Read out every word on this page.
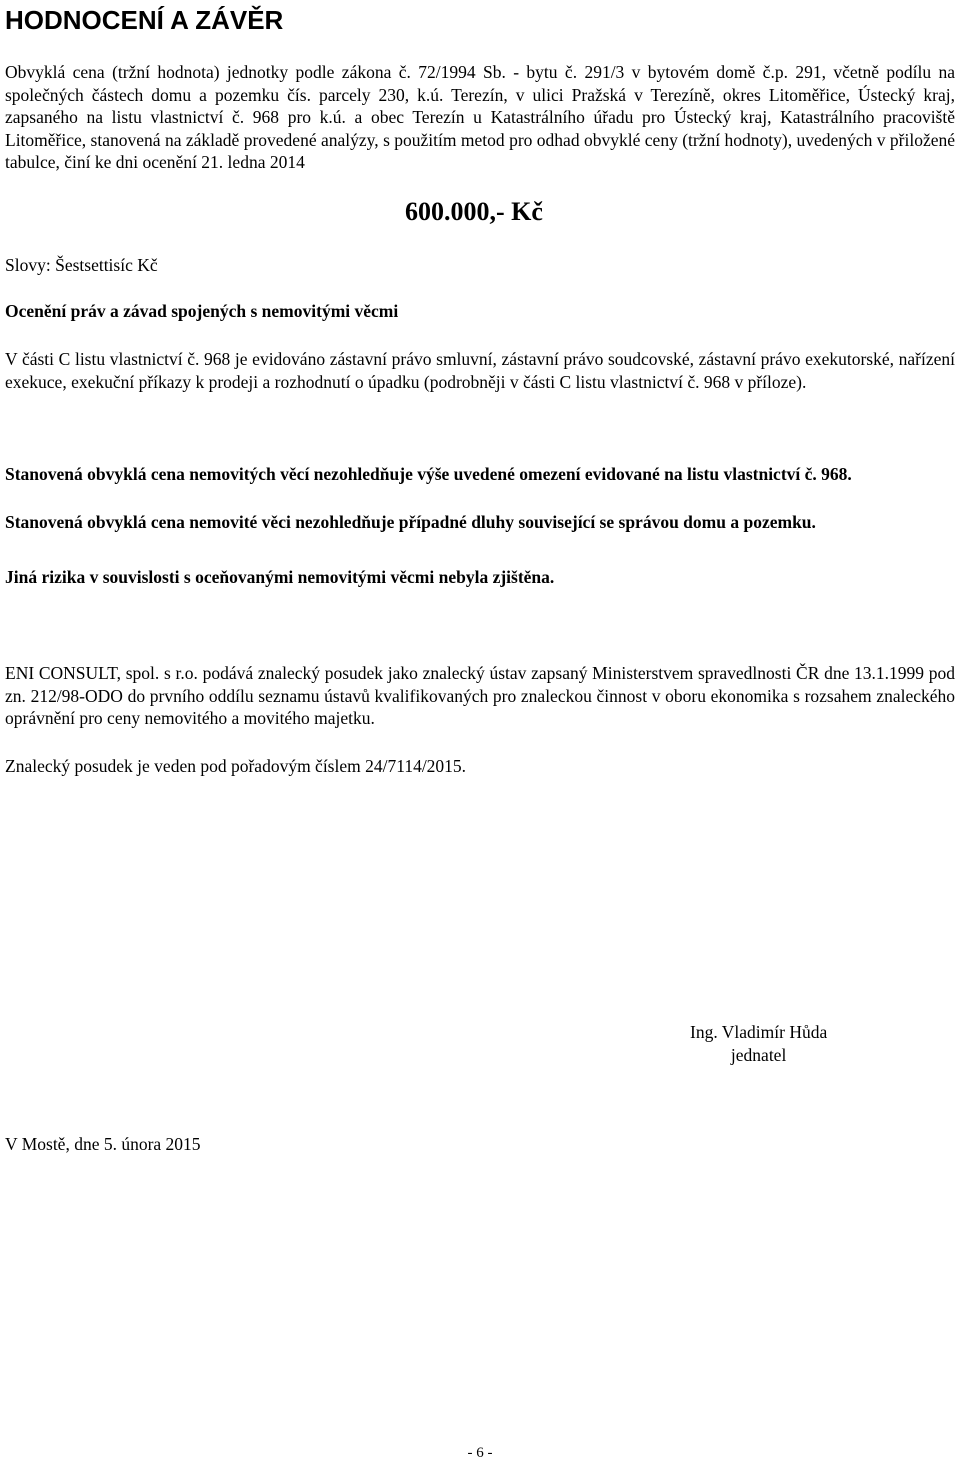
HODNOCENÍ A ZÁVĚR

Obvyklá cena (tržní hodnota) jednotky podle zákona č. 72/1994 Sb. - bytu č. 291/3 v bytovém domě č.p. 291, včetně podílu na společných částech domu a pozemku čís. parcely 230, k.ú. Terezín, v ulici Pražská v Terezíně, okres Litoměřice, Ústecký kraj, zapsaného na listu vlastnictví č. 968 pro k.ú. a obec Terezín u Katastrálního úřadu pro Ústecký kraj, Katastrálního pracoviště Litoměřice, stanovená na základě provedené analýzy, s použitím metod pro odhad obvyklé ceny (tržní hodnoty), uvedených v přiložené tabulce, činí ke dni ocenění 21. ledna 2014

600.000,- Kč

Slovy: Šestsettisíc Kč

Ocenění práv a závad spojených s nemovitými věcmi

V části C listu vlastnictví č. 968 je evidováno zástavní právo smluvní, zástavní právo soudcovské, zástavní právo exekutorské, nařízení exekuce, exekuční příkazy k prodeji a rozhodnutí o úpadku (podrobněji v části C listu vlastnictví č. 968 v příloze).

Stanovená obvyklá cena nemovitých věcí nezohledňuje výše uvedené omezení evidované na listu vlastnictví č. 968.

Stanovená obvyklá cena nemovité věci nezohledňuje případné dluhy související se správou domu a pozemku.

Jiná rizika v souvislosti s oceňovanými nemovitými věcmi nebyla zjištěna.

ENI CONSULT, spol. s r.o. podává znalecký posudek jako znalecký ústav zapsaný Ministerstvem spravedlnosti ČR dne 13.1.1999 pod zn. 212/98-ODO do prvního oddílu seznamu ústavů kvalifikovaných pro znaleckou činnost v oboru ekonomika s rozsahem znaleckého oprávnění pro ceny nemovitého a movitého majetku.

Znalecký posudek je veden pod pořadovým číslem 24/7114/2015.

Ing. Vladimír Hůda
jednatel

V Mostě, dne 5. února 2015

- 6 -
